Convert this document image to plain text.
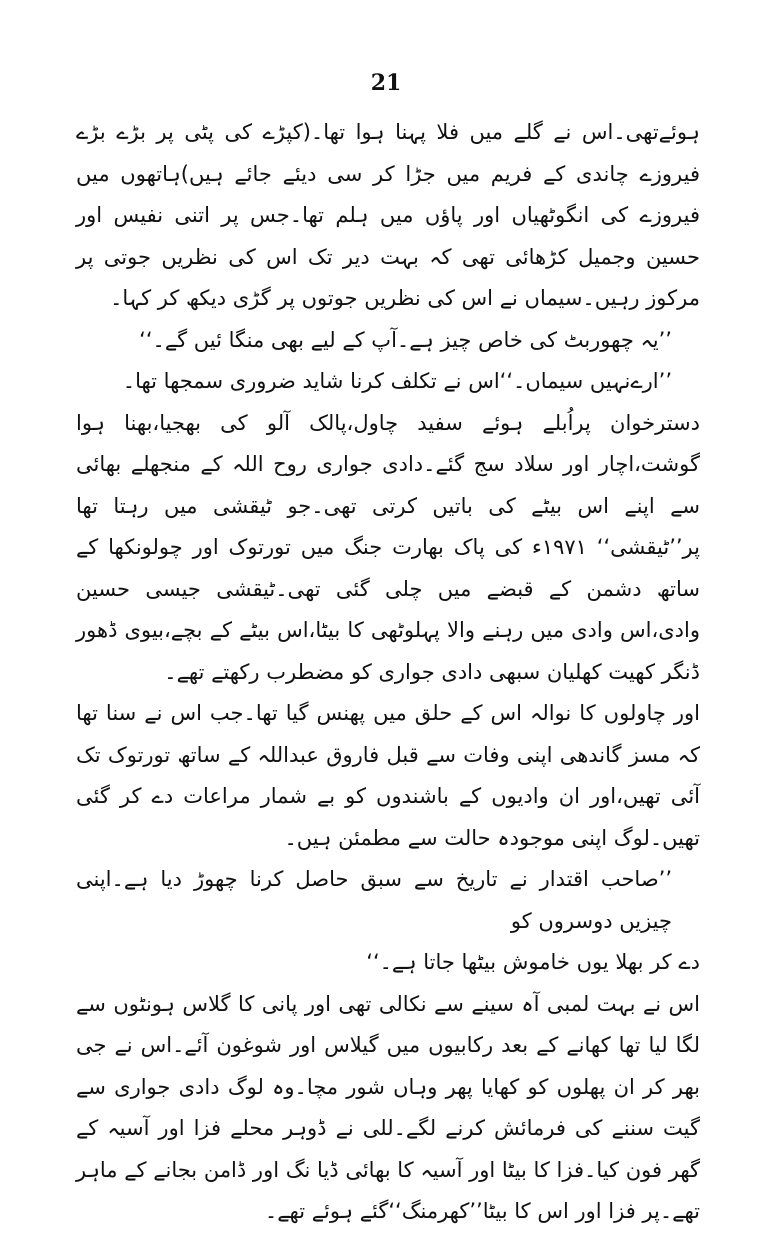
21

ہوئےتھی۔اس نے گلے میں فلا پہنا ہوا تھا۔(کپڑے کی پٹی پر بڑے بڑے فیروزے چاندی کے فریم میں جڑا کر سی دیئے جائے ہیں)ہاتھوں میں فیروزے کی انگوٹھیاں اور پاؤں میں ہلم تھا۔جس پر اتنی نفیس اور حسین وجمیل کڑھائی تھی کہ بہت دیر تک اس کی نظریں جوتی پر مرکوز رہیں۔سیماں نے اس کی نظریں جوتوں پر گڑی دیکھ کر کہا۔

’’یہ چھوربٹ کی خاص چیز ہے۔آپ کے لیے بھی منگا ئیں گے۔‘‘

’’ارےنہیں سیماں۔‘‘اس نے تکلف کرنا شاید ضروری سمجھا تھا۔

دسترخوان پراُبلے ہوئے سفید چاول،پالک آلو کی بھجیا،بھنا ہوا گوشت،اچار اور سلاد سج گئے۔دادی جواری روح اللہ کے منجھلے بھائی سے اپنے اس بیٹے کی باتیں کرتی تھی۔جو ٹیقشی میں رہتا تھا پر’’ٹیقشی‘‘ ۱۹۷۱ء کی پاک بھارت جنگ میں تورتوک اور چولونکھا کے ساتھ دشمن کے قبضے میں چلی گئی تھی۔ٹیقشی جیسی حسین وادی،اس وادی میں رہنے والا پہلوٹھی کا بیٹا،اس بیٹے کے بچے،بیوی ڈھور ڈنگر کھیت کھلیان سبھی دادی جواری کو مضطرب رکھتے تھے۔

اور چاولوں کا نوالہ اس کے حلق میں پھنس گیا تھا۔جب اس نے سنا تھا کہ مسز گاندھی اپنی وفات سے قبل فاروق عبداللہ کے ساتھ تورتوک تک آئی تھیں،اور ان وادیوں کے باشندوں کو بے شمار مراعات دے کر گئی تھیں۔لوگ اپنی موجودہ حالت سے مطمئن ہیں۔

’’صاحب اقتدار نے تاریخ سے سبق حاصل کرنا چھوڑ دیا ہے۔اپنی چیزیں دوسروں کو

دے کر بھلا یوں خاموش بیٹھا جاتا ہے۔‘‘

اس نے بہت لمبی آہ سینے سے نکالی تھی اور پانی کا گلاس ہونٹوں سے لگا لیا تھا کھانے کے بعد رکابیوں میں گیلاس اور شوغون آئے۔اس نے جی بھر کر ان پھلوں کو کھایا پھر وہاں شور مچا۔وہ لوگ دادی جواری سے گیت سننے کی فرمائش کرنے لگے۔للی نے ڈوہر محلے فزا اور آسیہ کے گھر فون کیا۔فزا کا بیٹا اور آسیہ کا بھائی ڈیا نگ اور ڈامن بجانے کے ماہر تھے۔پر فزا اور اس کا بیٹا’’کھرمنگ‘‘گئے ہوئے تھے۔
